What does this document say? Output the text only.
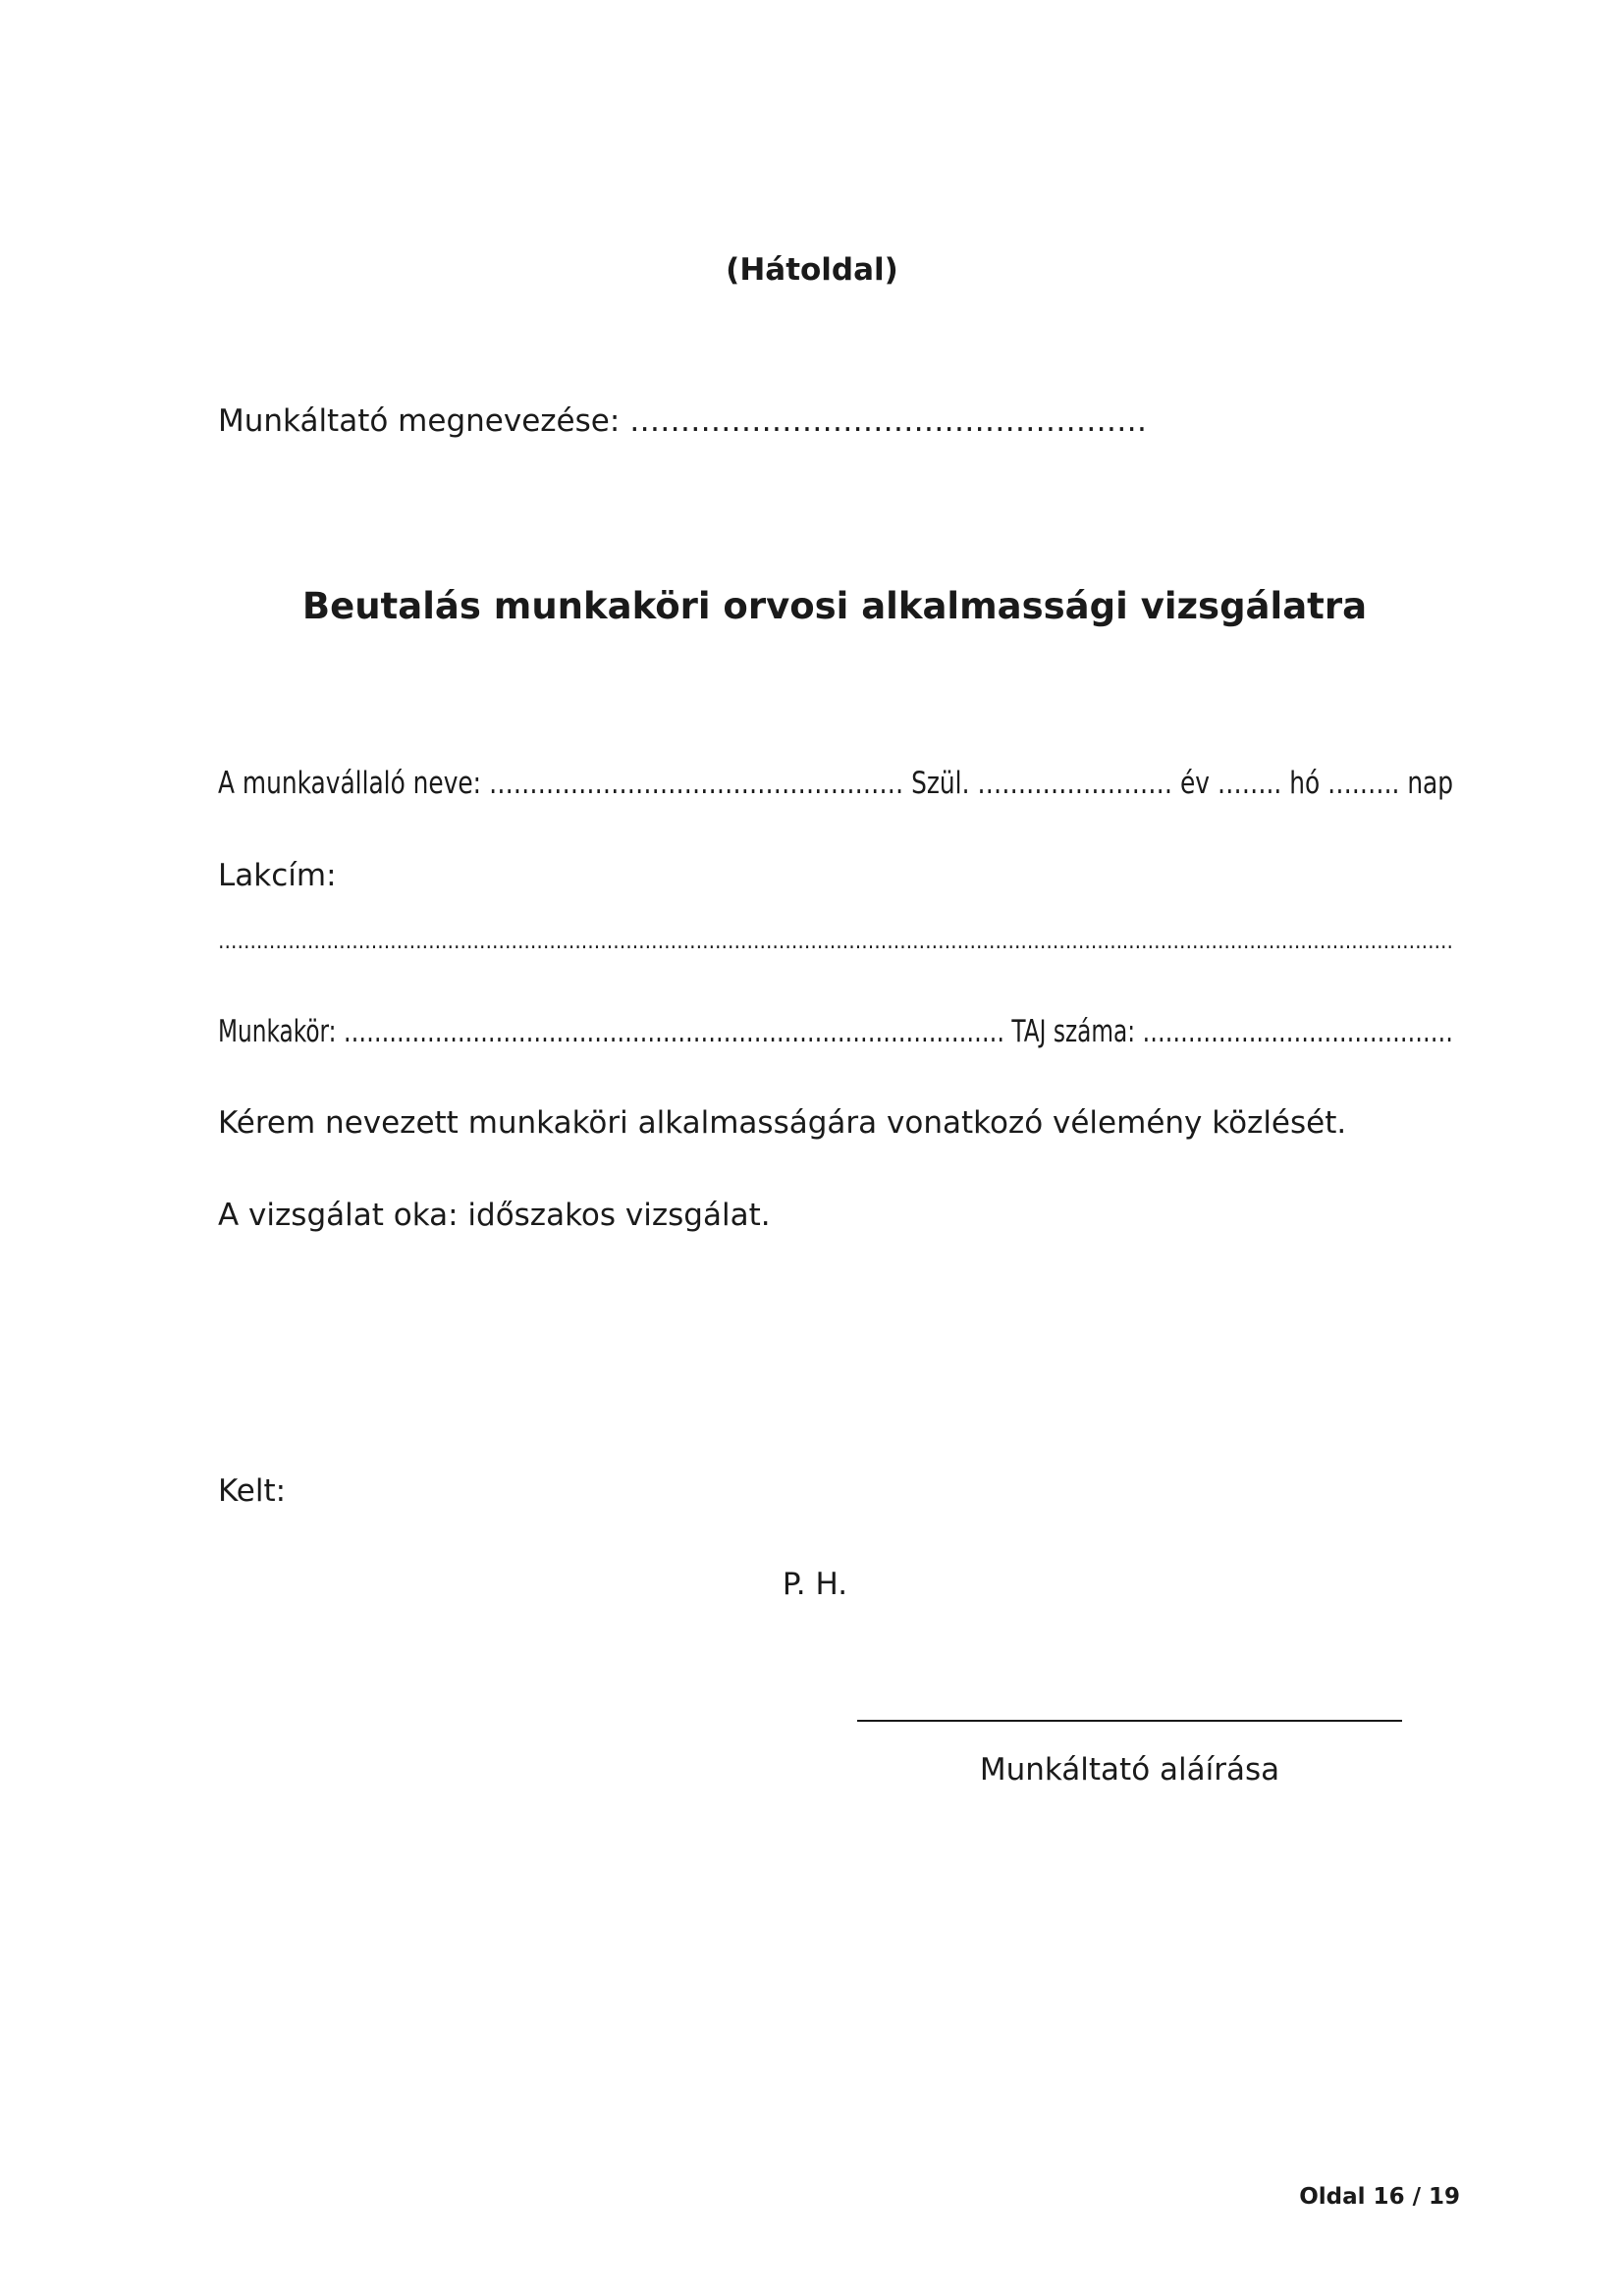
(Hátoldal)
Munkáltató megnevezése: ……………………………………………
Beutalás munkaköri orvosi alkalmassági vizsgálatra
A munkavállaló neve: …………………………………………… Szül. …………………… év …….. hó ….….. nap
Lakcím:
……………………………………………………………………………………………………………………………..……………………………………………
Munkakör: …………………………………………………………………………… TAJ száma: ……………..……………………
Kérem nevezett munkaköri alkalmasságára vonatkozó vélemény közlését.
A vizsgálat oka: időszakos vizsgálat.
Kelt:
P. H.
Munkáltató aláírása
Oldal 16 / 19
